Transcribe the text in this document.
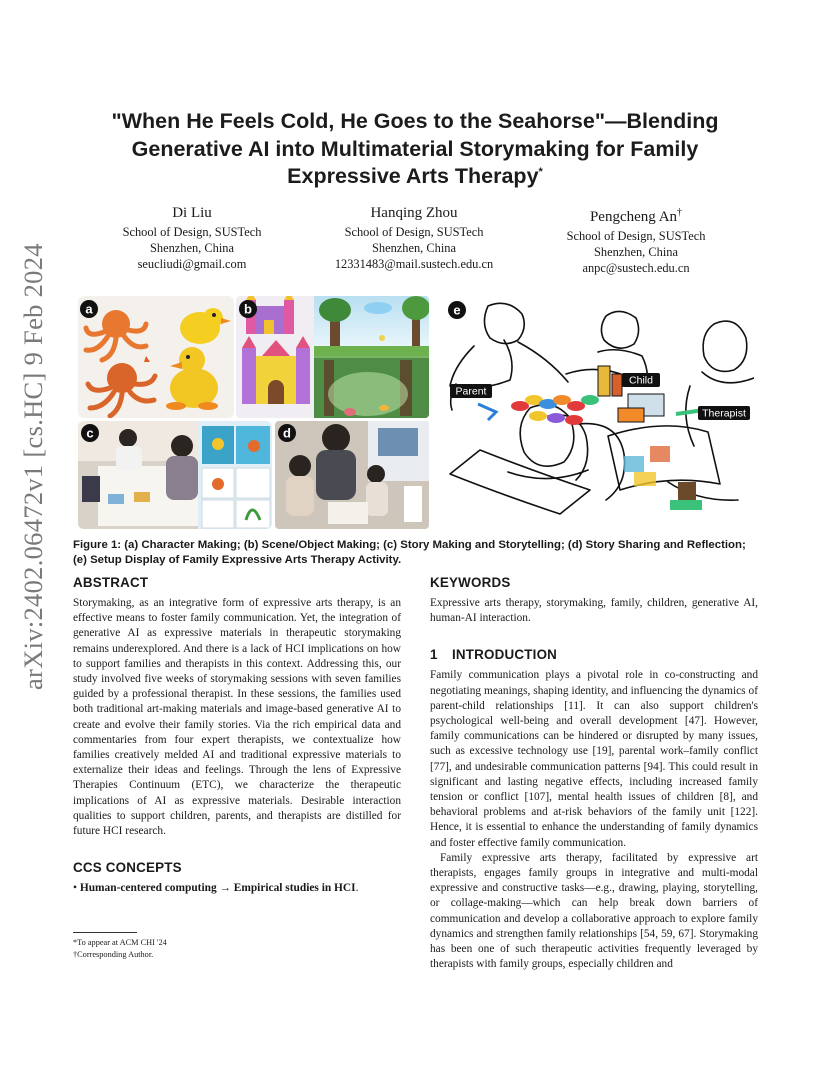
arXiv:2402.06472v1 [cs.HC] 9 Feb 2024
"When He Feels Cold, He Goes to the Seahorse"—Blending
Generative AI into Multimaterial Storymaking for Family
Expressive Arts Therapy*
Di Liu
School of Design, SUSTech
Shenzhen, China
seucliudi@gmail.com
Hanqing Zhou
School of Design, SUSTech
Shenzhen, China
12331483@mail.sustech.edu.cn
Pengcheng An†
School of Design, SUSTech
Shenzhen, China
anpc@sustech.edu.cn
a	b
c	d
Parent
Child
Therapist
e
Figure 1: (a) Character Making; (b) Scene/Object Making; (c) Story Making and Storytelling; (d) Story Sharing and Reflection;
(e) Setup Display of Family Expressive Arts Therapy Activity.
ABSTRACT

Storymaking, as an integrative form of expressive arts therapy, is an effective means to foster family communication. Yet, the integration of generative AI as expressive materials in therapeutic storymaking remains underexplored. And there is a lack of HCI implications on how to support families and therapists in this context. Addressing this, our study involved five weeks of storymaking sessions with seven families guided by a professional therapist. In these sessions, the families used both traditional art-making materials and image-based generative AI to create and evolve their family stories. Via the rich empirical data and commentaries from four expert therapists, we contextualize how families creatively melded AI and traditional expressive materials to externalize their ideas and feelings. Through the lens of Expressive Therapies Continuum (ETC), we characterize the therapeutic implications of AI as expressive materials. Desirable interaction qualities to support children, parents, and therapists are distilled for future HCI research.

CCS CONCEPTS

• Human-centered computing → Empirical studies in HCI.

*To appear at ACM CHI '24
†Corresponding Author.
KEYWORDS

Expressive arts therapy, storymaking, family, children, generative AI, human-AI interaction.

1 INTRODUCTION

Family communication plays a pivotal role in co-constructing and negotiating meanings, shaping identity, and influencing the dynamics of parent-child relationships [11]. It can also support children's psychological well-being and overall development [47]. However, family communications can be hindered or disrupted by many issues, such as excessive technology use [19], parental work–family conflict [77], and undesirable communication patterns [94]. This could result in significant and lasting negative effects, including increased family tension or conflict [107], mental health issues of children [8], and behavioral problems and at-risk behaviors of the family unit [122]. Hence, it is essential to enhance the understanding of family dynamics and foster effective family communication.

Family expressive arts therapy, facilitated by expressive art therapists, engages family groups in integrative and multi-modal expressive and constructive tasks—e.g., drawing, playing, storytelling, or collage-making—which can help break down barriers of communication and develop a collaborative approach to explore family dynamics and strengthen family relationships [54, 59, 67]. Storymaking has been one of such therapeutic activities frequently leveraged by therapists with family groups, especially children and
